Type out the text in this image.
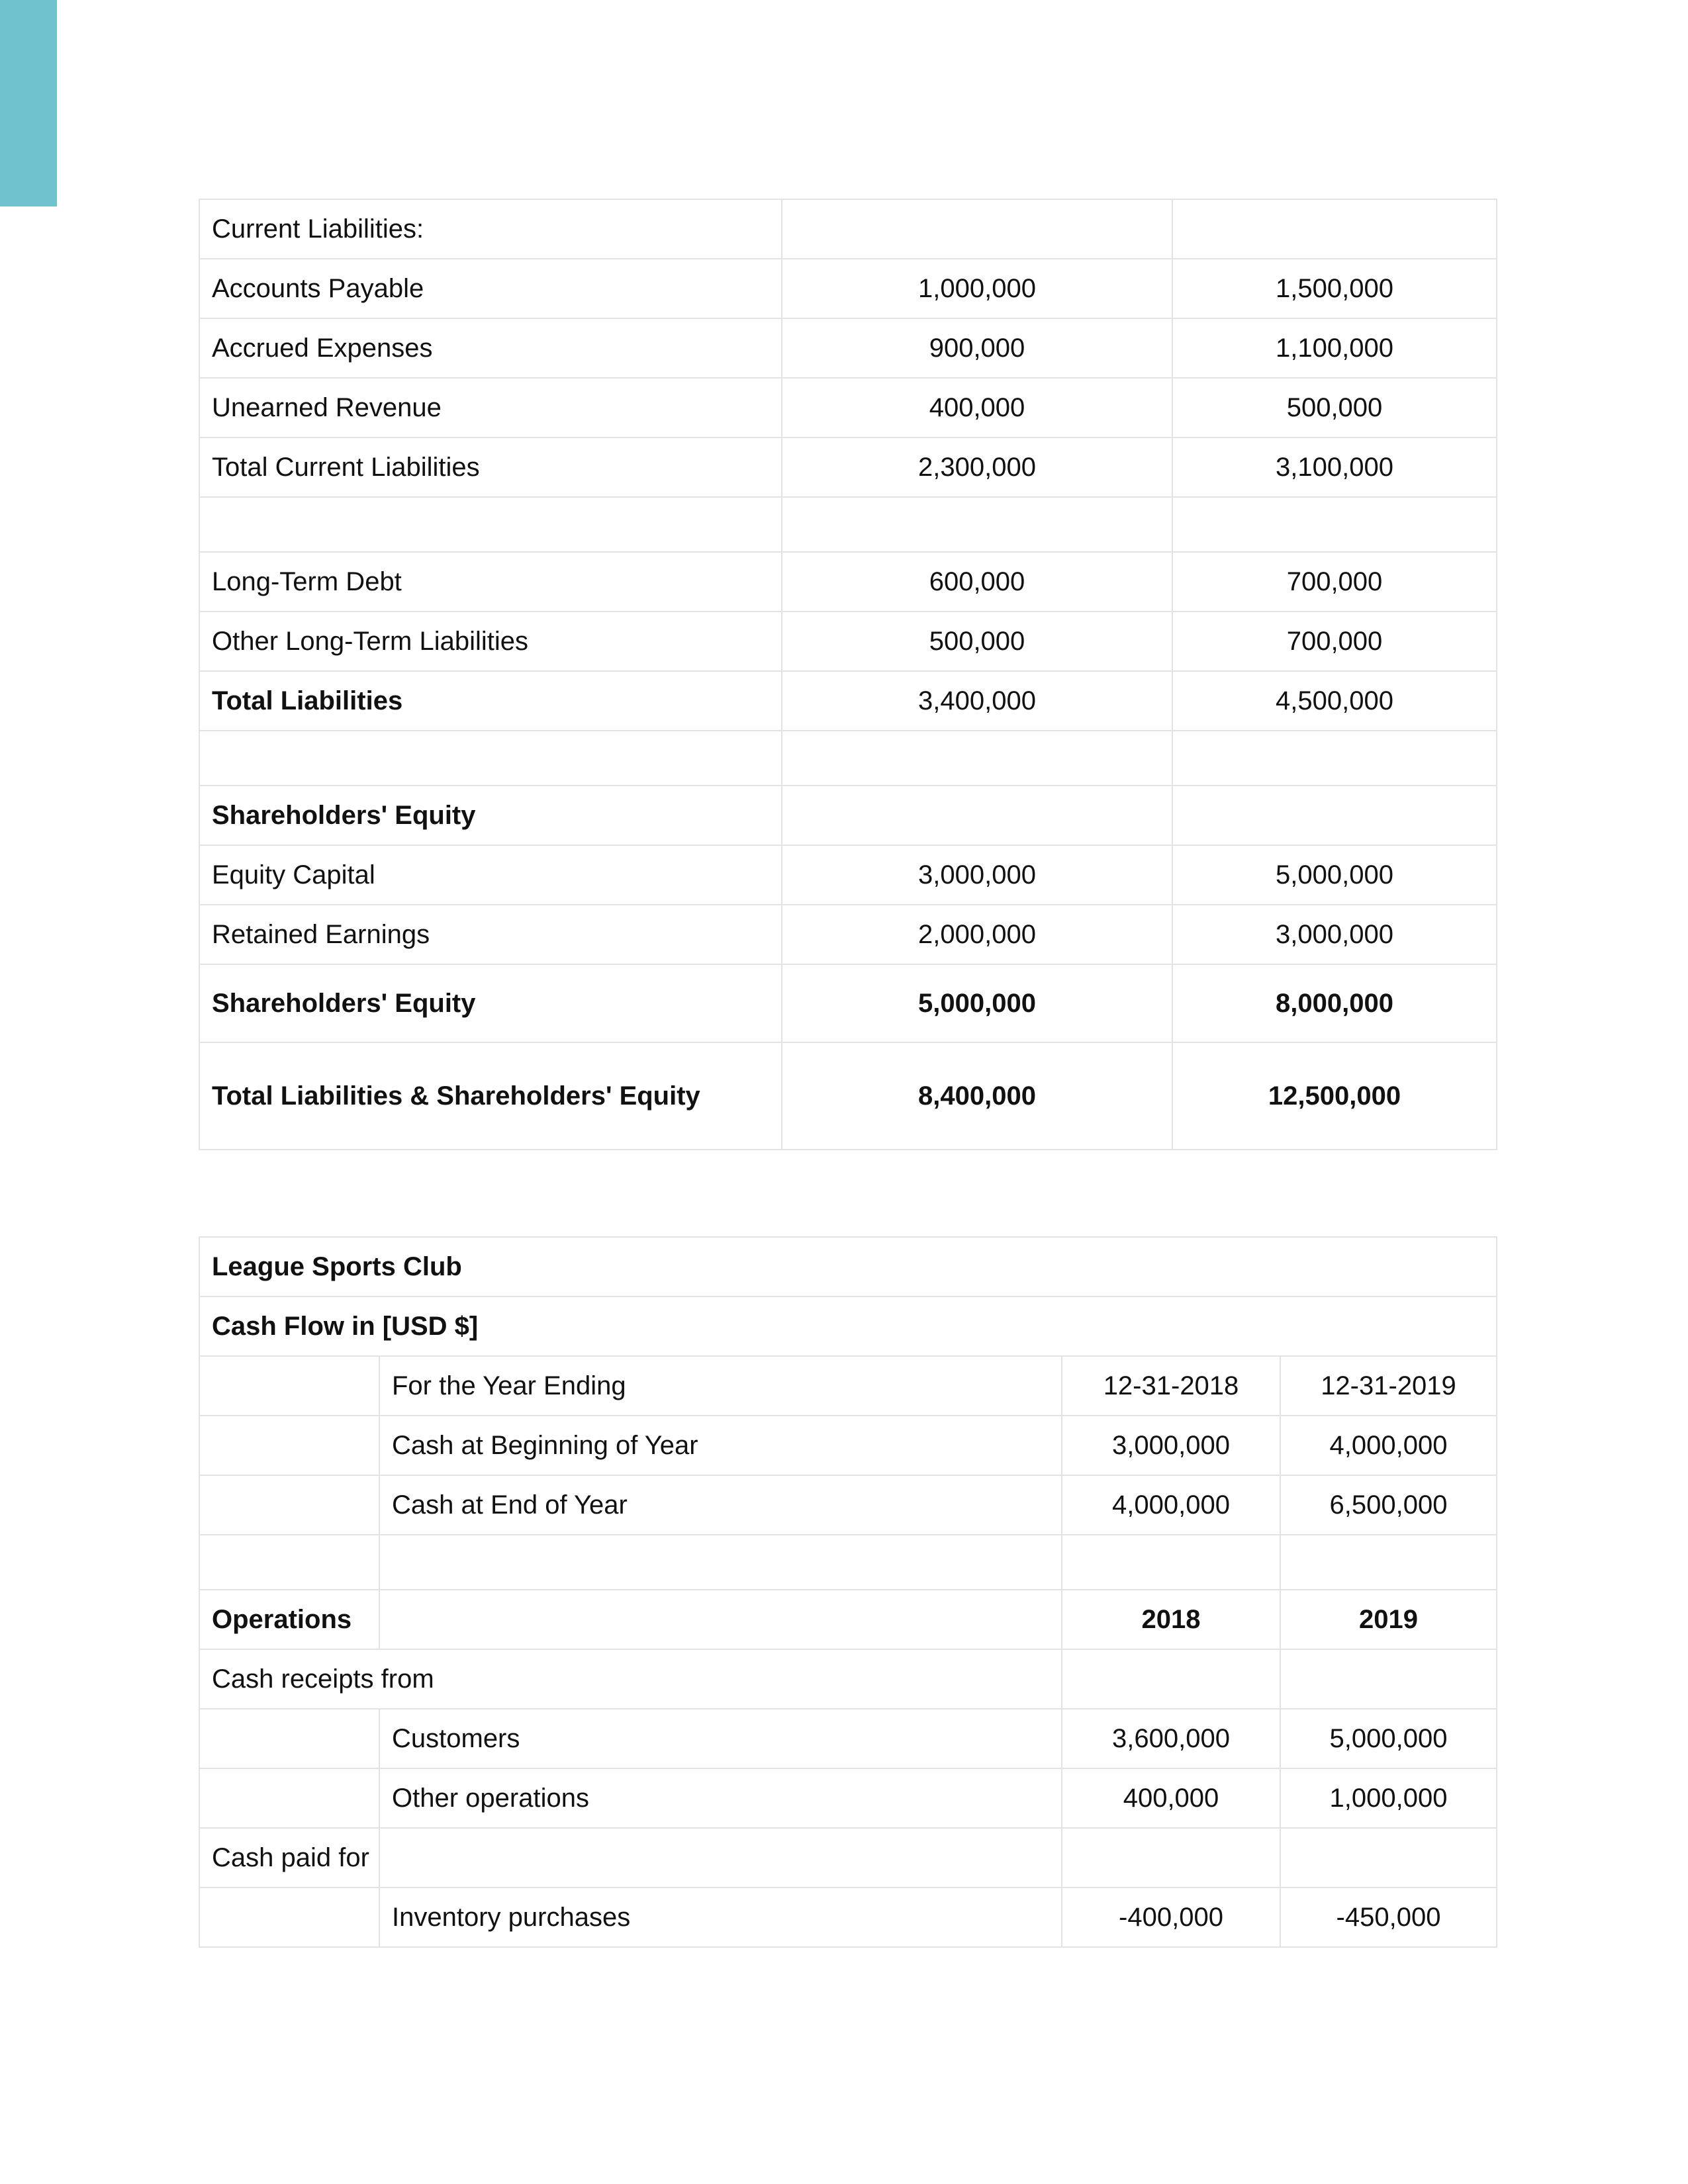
Current Liabilities:		
Accounts Payable	1,000,000	1,500,000
Accrued Expenses	900,000	1,100,000
Unearned Revenue	400,000	500,000
Total Current Liabilities	2,300,000	3,100,000

Long-Term Debt	600,000	700,000
Other Long-Term Liabilities	500,000	700,000
Total Liabilities	3,400,000	4,500,000

Shareholders' Equity		
Equity Capital	3,000,000	5,000,000
Retained Earnings	2,000,000	3,000,000
Shareholders' Equity	5,000,000	8,000,000
Total Liabilities & Shareholders' Equity	8,400,000	12,500,000
League Sports Club			
Cash Flow in [USD $]			
	For the Year Ending	12-31-2018	12-31-2019
	Cash at Beginning of Year	3,000,000	4,000,000
	Cash at End of Year	4,000,000	6,500,000

Operations		2018	2019
Cash receipts from			
	Customers	3,600,000	5,000,000
	Other operations	400,000	1,000,000
Cash paid for			
	Inventory purchases	-400,000	-450,000
